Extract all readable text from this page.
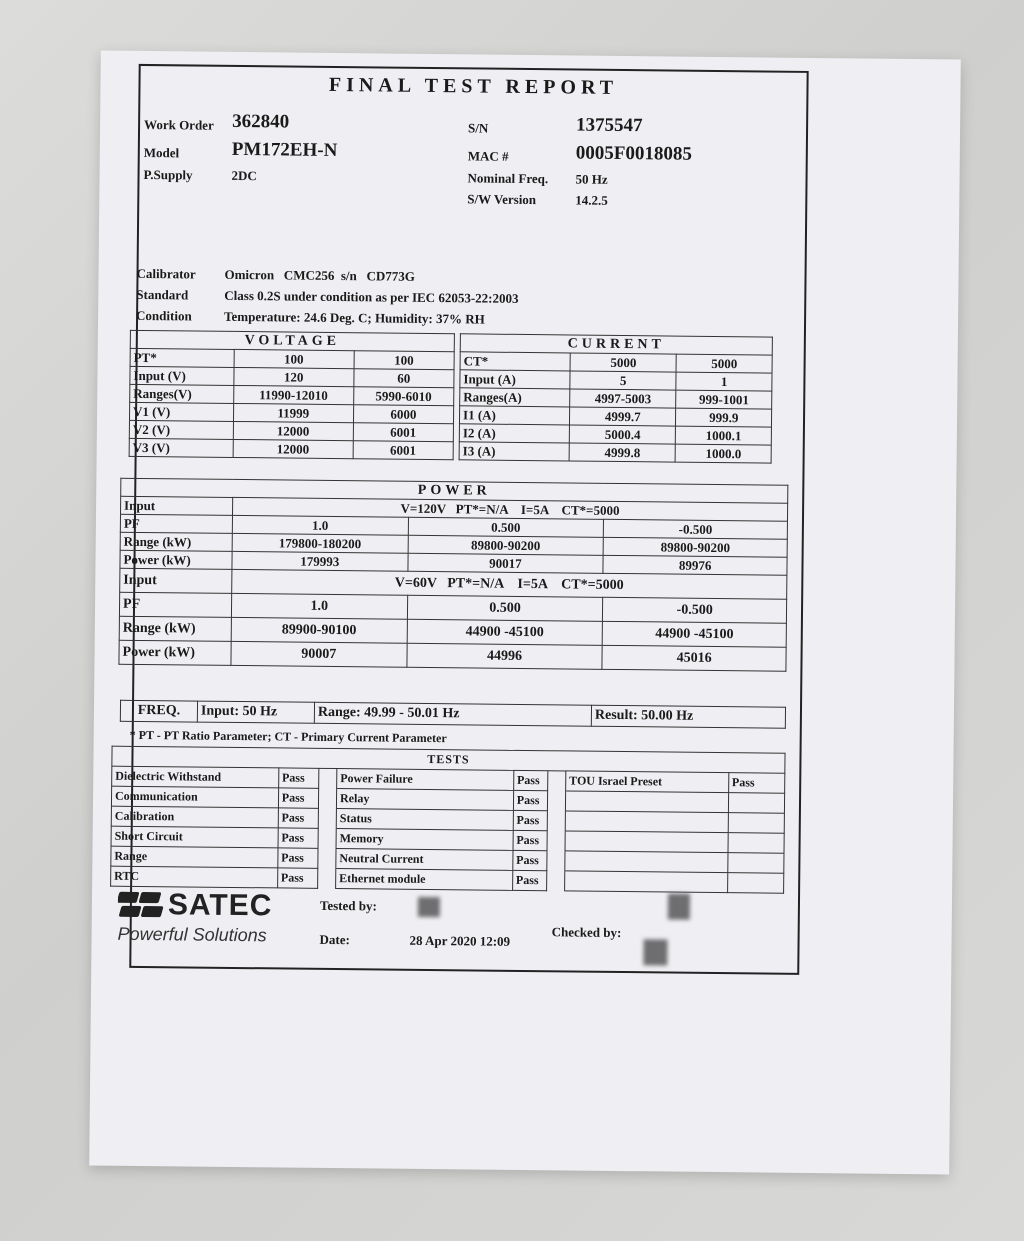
FINAL TEST REPORT
Work Order 362840
Model	PM172EH-N
P.Supply	2DC
S/N	1375547
MAC #	0005F0018085
Nominal Freq. 50 Hz
S/W Version	14.2.5
Calibrator Omicron   CMC256  s/n   CD773G
Standard	Class 0.2S under condition as per IEC 62053-22:2003
Condition Temperature: 24.6 Deg. C; Humidity: 37% RH
VOLTAGE		
PT*	100	100
Input (V)	120	60
Ranges(V)	11990-12010	5990-6010
V1 (V)	11999	6000
V2 (V)	12000	6001
V3 (V)	12000	6001
CURRENT		
CT*	5000	5000
Input (A)	5	1
Ranges(A)	4997-5003	999-1001
I1 (A)	4999.7	999.9
I2 (A)	5000.4	1000.1
I3 (A)	4999.8	1000.0
POWER			
Input	V=120V   PT*=N/A    I=5A    CT*=5000		
PF	1.0	0.500	-0.500
Range (kW)	179800-180200	89800-90200	89800-90200
Power (kW)	179993	90017	89976
Input	V=60V   PT*=N/A    I=5A    CT*=5000		
PF	1.0	0.500	-0.500
Range (kW)	89900-90100	44900 -45100	44900 -45100
Power (kW)	90007	44996	45016
FREQ.	Input: 50 Hz	Range: 49.99 - 50.01 Hz	Result: 50.00 Hz
* PT - PT Ratio Parameter; CT - Primary Current Parameter
TESTS							
Dielectric Withstand	Pass		Power Failure	Pass		TOU Israel Preset	Pass
Communication	Pass		Relay	Pass			
Calibration	Pass		Status	Pass			
Short Circuit	Pass		Memory	Pass			
Range	Pass		Neutral Current	Pass			
RTC	Pass		Ethernet module	Pass			
SATEC
Powerful Solutions
Tested by:
Date:	28 Apr 2020 12:09
Checked by:
